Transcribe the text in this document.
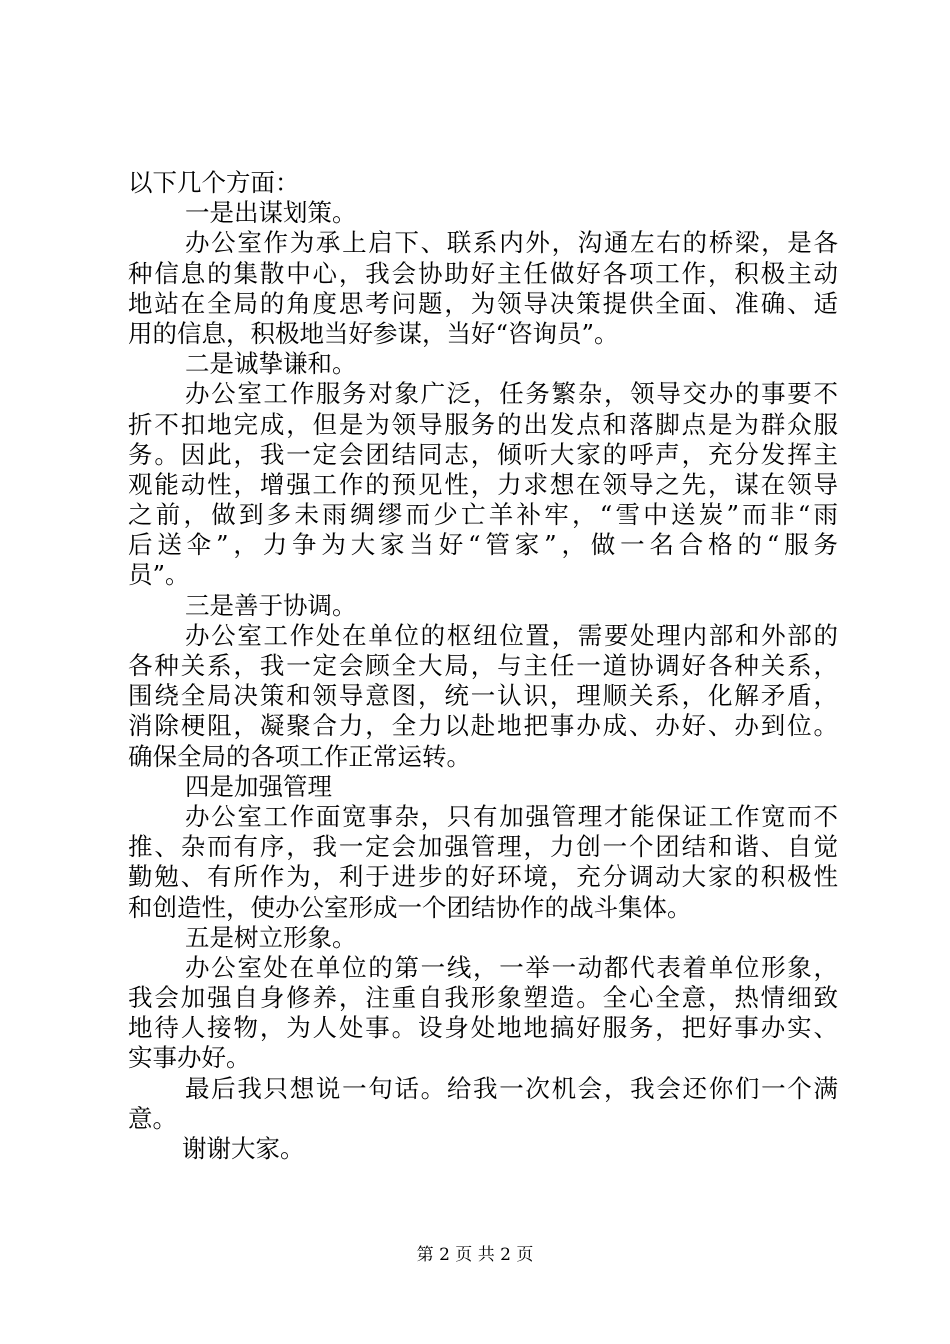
以下几个方面：
一是出谋划策。
办公室作为承上启下、联系内外，沟通左右的桥梁，是各
种信息的集散中心，我会协助好主任做好各项工作，积极主动
地站在全局的角度思考问题，为领导决策提供全面、准确、适
用的信息，积极地当好参谋，当好“咨询员”。
二是诚挚谦和。
办公室工作服务对象广泛，任务繁杂，领导交办的事要不
折不扣地完成，但是为领导服务的出发点和落脚点是为群众服
务。因此，我一定会团结同志，倾听大家的呼声，充分发挥主
观能动性，增强工作的预见性，力求想在领导之先，谋在领导
之前，做到多未雨绸缪而少亡羊补牢，“雪中送炭”而非“雨
后送伞”，力争为大家当好“管家”，做一名合格的“服务
员”。
三是善于协调。
办公室工作处在单位的枢纽位置，需要处理内部和外部的
各种关系，我一定会顾全大局，与主任一道协调好各种关系，
围绕全局决策和领导意图，统一认识，理顺关系，化解矛盾，
消除梗阻，凝聚合力，全力以赴地把事办成、办好、办到位。
确保全局的各项工作正常运转。
四是加强管理
办公室工作面宽事杂，只有加强管理才能保证工作宽而不
推、杂而有序，我一定会加强管理，力创一个团结和谐、自觉
勤勉、有所作为，利于进步的好环境，充分调动大家的积极性
和创造性，使办公室形成一个团结协作的战斗集体。
五是树立形象。
办公室处在单位的第一线，一举一动都代表着单位形象，
我会加强自身修养，注重自我形象塑造。全心全意，热情细致
地待人接物，为人处事。设身处地地搞好服务，把好事办实、
实事办好。
最后我只想说一句话。给我一次机会，我会还你们一个满
意。
谢谢大家。
第 2 页 共 2 页
